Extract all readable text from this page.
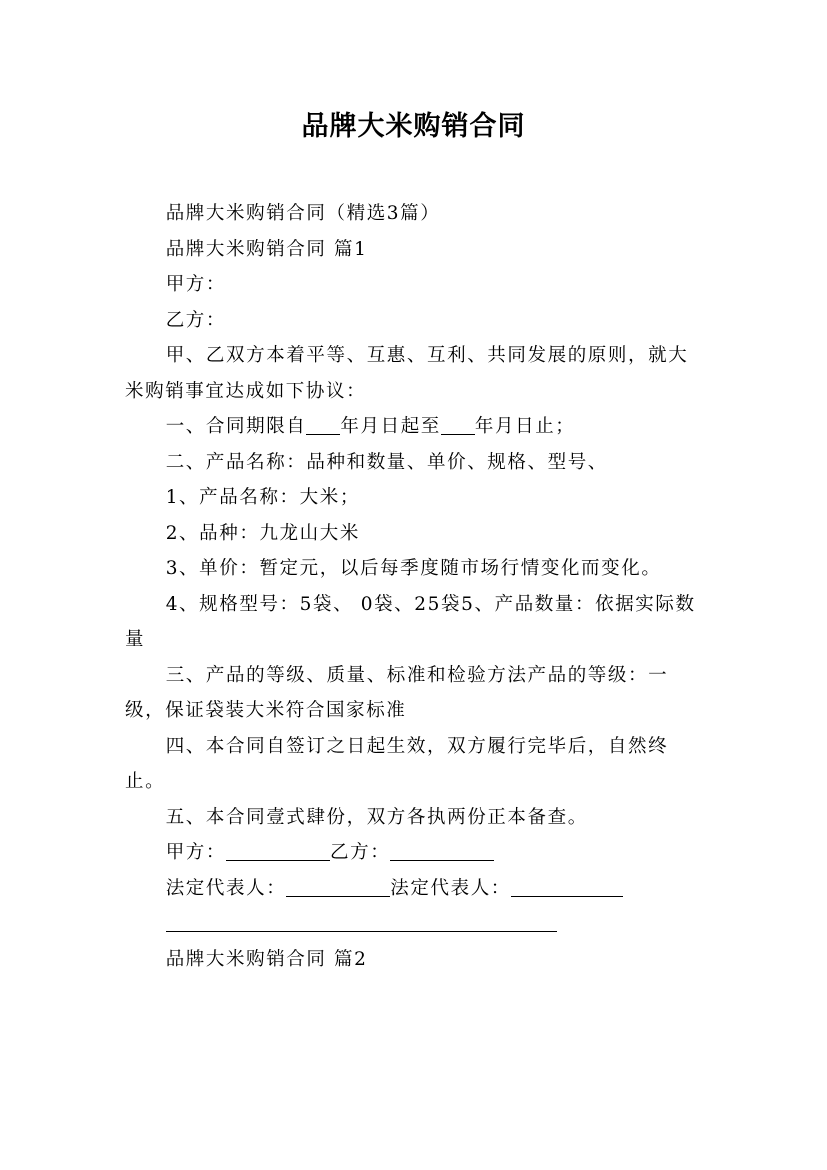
品牌大米购销合同

品牌大米购销合同（精选3篇）

品牌大米购销合同 篇1

甲方：

乙方：

甲、乙双方本着平等、互惠、互利、共同发展的原则，就大米购销事宜达成如下协议：

一、合同期限自 年月日起至 年月日止；

二、产品名称：品种和数量、单价、规格、型号、

1、产品名称：大米；

2、品种：九龙山大米

3、单价：暂定元，以后每季度随市场行情变化而变化。

4、规格型号：5袋、 0袋、25袋5、产品数量：依据实际数量

三、产品的等级、质量、标准和检验方法产品的等级：一级，保证袋装大米符合国家标准

四、本合同自签订之日起生效，双方履行完毕后，自然终止。

五、本合同壹式肆份，双方各执两份正本备查。

甲方：	乙方：

法定代表人：	法定代表人：

品牌大米购销合同 篇2
